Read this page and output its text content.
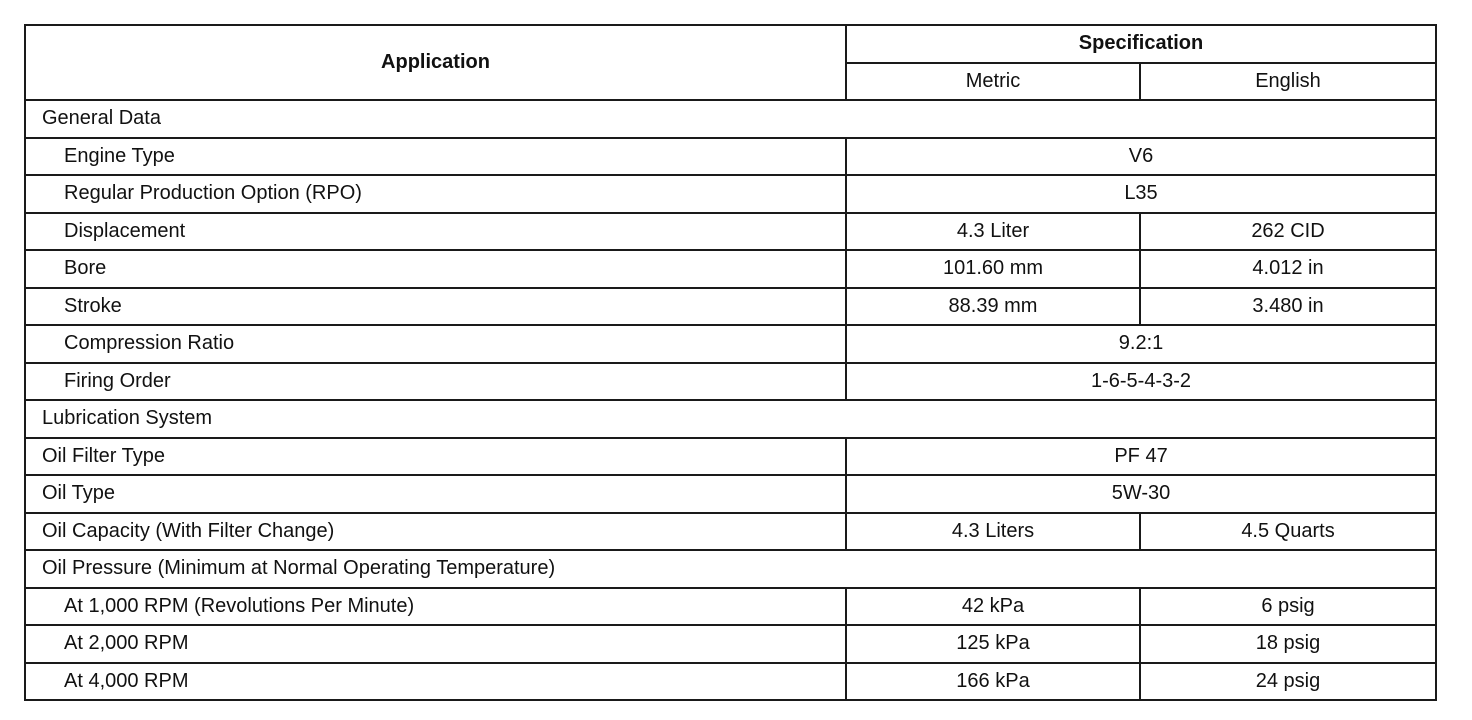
Application	Specification	
	Metric	English
General Data		
Engine Type	V6	
Regular Production Option (RPO)	L35	
Displacement	4.3 Liter	262 CID
Bore	101.60 mm	4.012 in
Stroke	88.39 mm	3.480 in
Compression Ratio	9.2:1	
Firing Order	1-6-5-4-3-2	
Lubrication System		
Oil Filter Type	PF 47	
Oil Type	5W-30	
Oil Capacity (With Filter Change)	4.3 Liters	4.5 Quarts
Oil Pressure (Minimum at Normal Operating Temperature)		
At 1,000 RPM (Revolutions Per Minute)	42 kPa	6 psig
At 2,000 RPM	125 kPa	18 psig
At 4,000 RPM	166 kPa	24 psig
